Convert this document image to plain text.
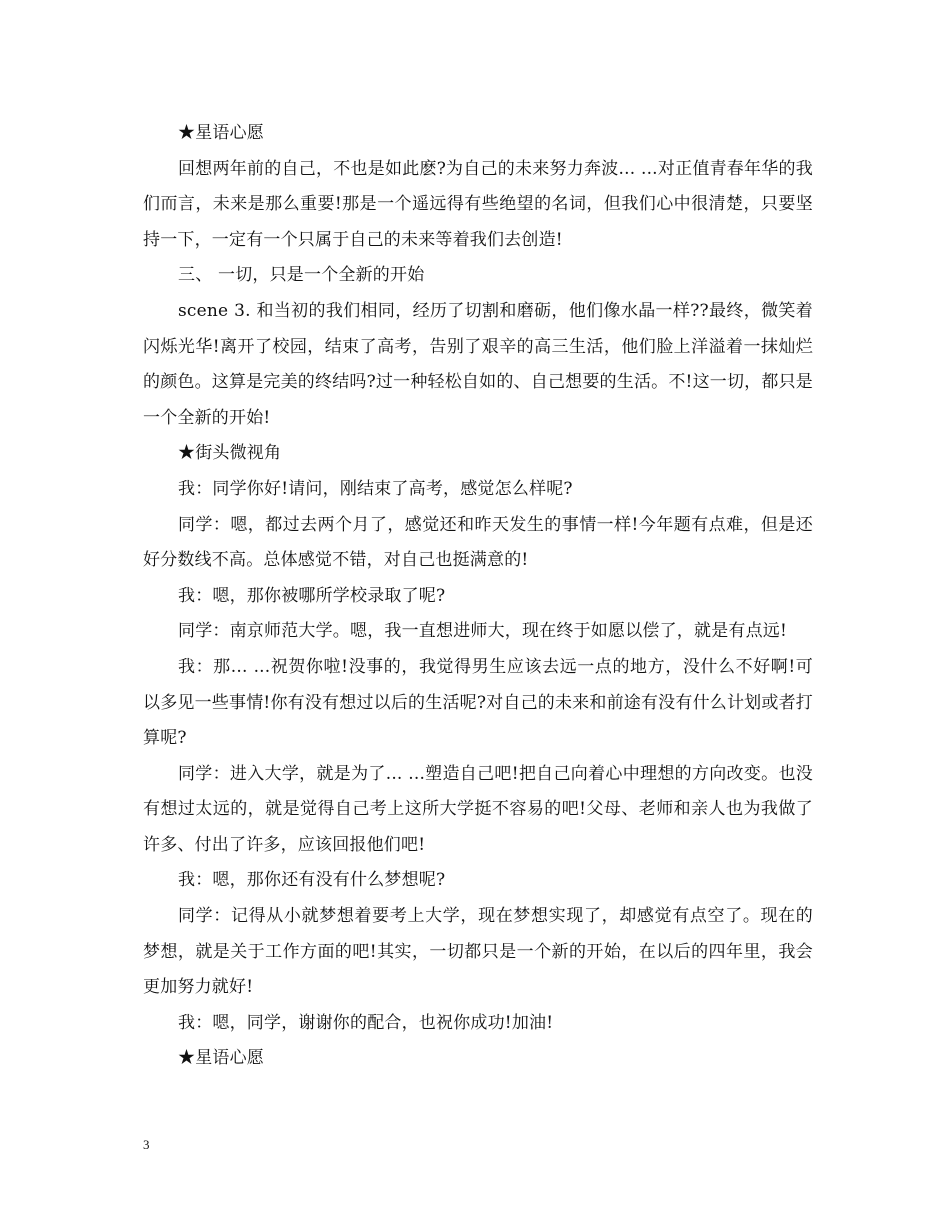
★星语心愿

回想两年前的自己，不也是如此麽?为自己的未来努力奔波... ...对正值青春年华的我们而言，未来是那么重要!那是一个遥远得有些绝望的名词，但我们心中很清楚，只要坚持一下，一定有一个只属于自己的未来等着我们去创造!

三、 一切，只是一个全新的开始

scene 3. 和当初的我们相同，经历了切割和磨砺，他们像水晶一样??最终，微笑着闪烁光华!离开了校园，结束了高考，告别了艰辛的高三生活，他们脸上洋溢着一抹灿烂的颜色。这算是完美的终结吗?过一种轻松自如的、自己想要的生活。不!这一切，都只是一个全新的开始!

★街头微视角

我：同学你好!请问，刚结束了高考，感觉怎么样呢?

同学：嗯，都过去两个月了，感觉还和昨天发生的事情一样!今年题有点难，但是还好分数线不高。总体感觉不错，对自己也挺满意的!

我：嗯，那你被哪所学校录取了呢?

同学：南京师范大学。嗯，我一直想进师大，现在终于如愿以偿了，就是有点远!

我：那... ...祝贺你啦!没事的，我觉得男生应该去远一点的地方，没什么不好啊!可以多见一些事情!你有没有想过以后的生活呢?对自己的未来和前途有没有什么计划或者打算呢?

同学：进入大学，就是为了... ...塑造自己吧!把自己向着心中理想的方向改变。也没有想过太远的，就是觉得自己考上这所大学挺不容易的吧!父母、老师和亲人也为我做了许多、付出了许多，应该回报他们吧!

我：嗯，那你还有没有什么梦想呢?

同学：记得从小就梦想着要考上大学，现在梦想实现了，却感觉有点空了。现在的梦想，就是关于工作方面的吧!其实，一切都只是一个新的开始，在以后的四年里，我会更加努力就好!

我：嗯，同学，谢谢你的配合，也祝你成功!加油!

★星语心愿

3
